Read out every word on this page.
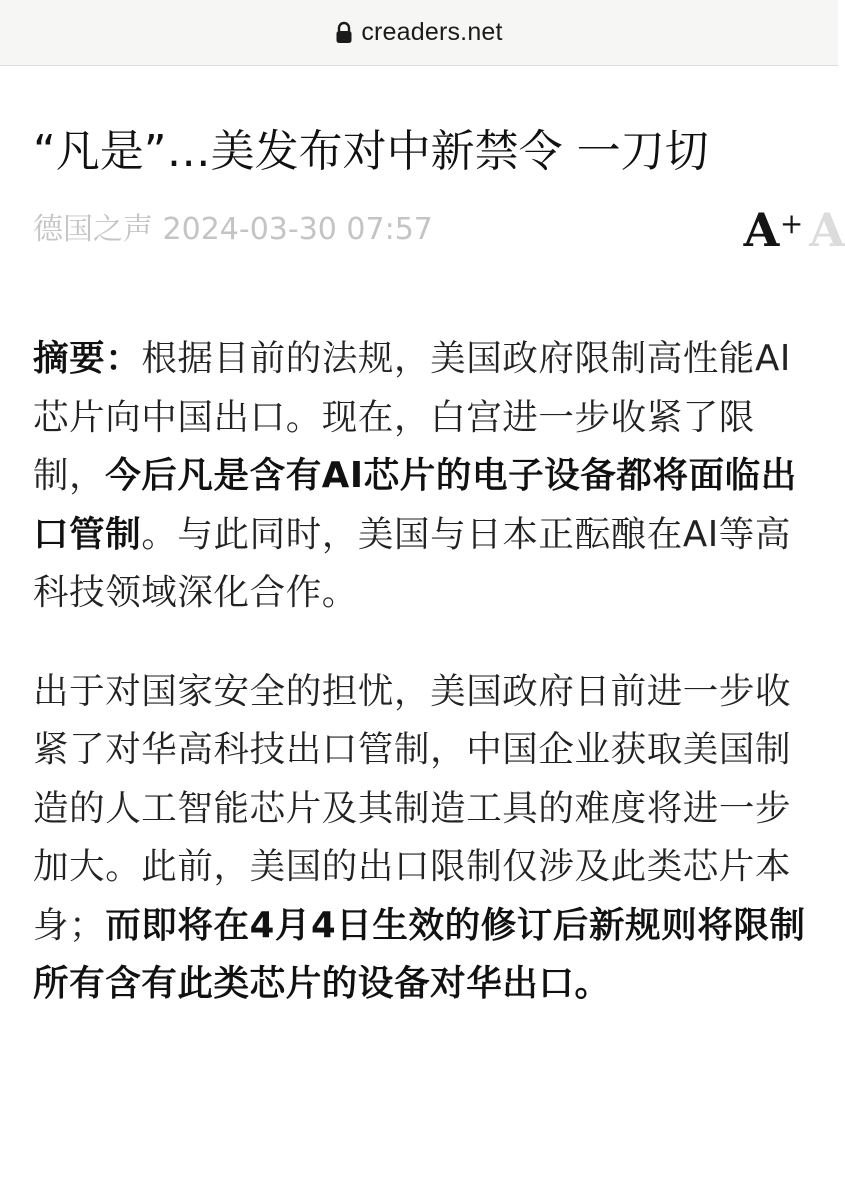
creaders.net
“凡是”…美发布对中新禁令 一刀切
德国之声 2024-03-30 07:57	A + A

摘要：根据目前的法规，美国政府限制高性能AI芯片向中国出口。现在，白宫进一步收紧了限制，今后凡是含有AI芯片的电子设备都将面临出口管制。与此同时，美国与日本正酝酿在AI等高科技领域深化合作。

出于对国家安全的担忧，美国政府日前进一步收紧了对华高科技出口管制，中国企业获取美国制造的人工智能芯片及其制造工具的难度将进一步加大。此前，美国的出口限制仅涉及此类芯片本身；而即将在4月4日生效的修订后新规则将限制所有含有此类芯片的设备对华出口。
